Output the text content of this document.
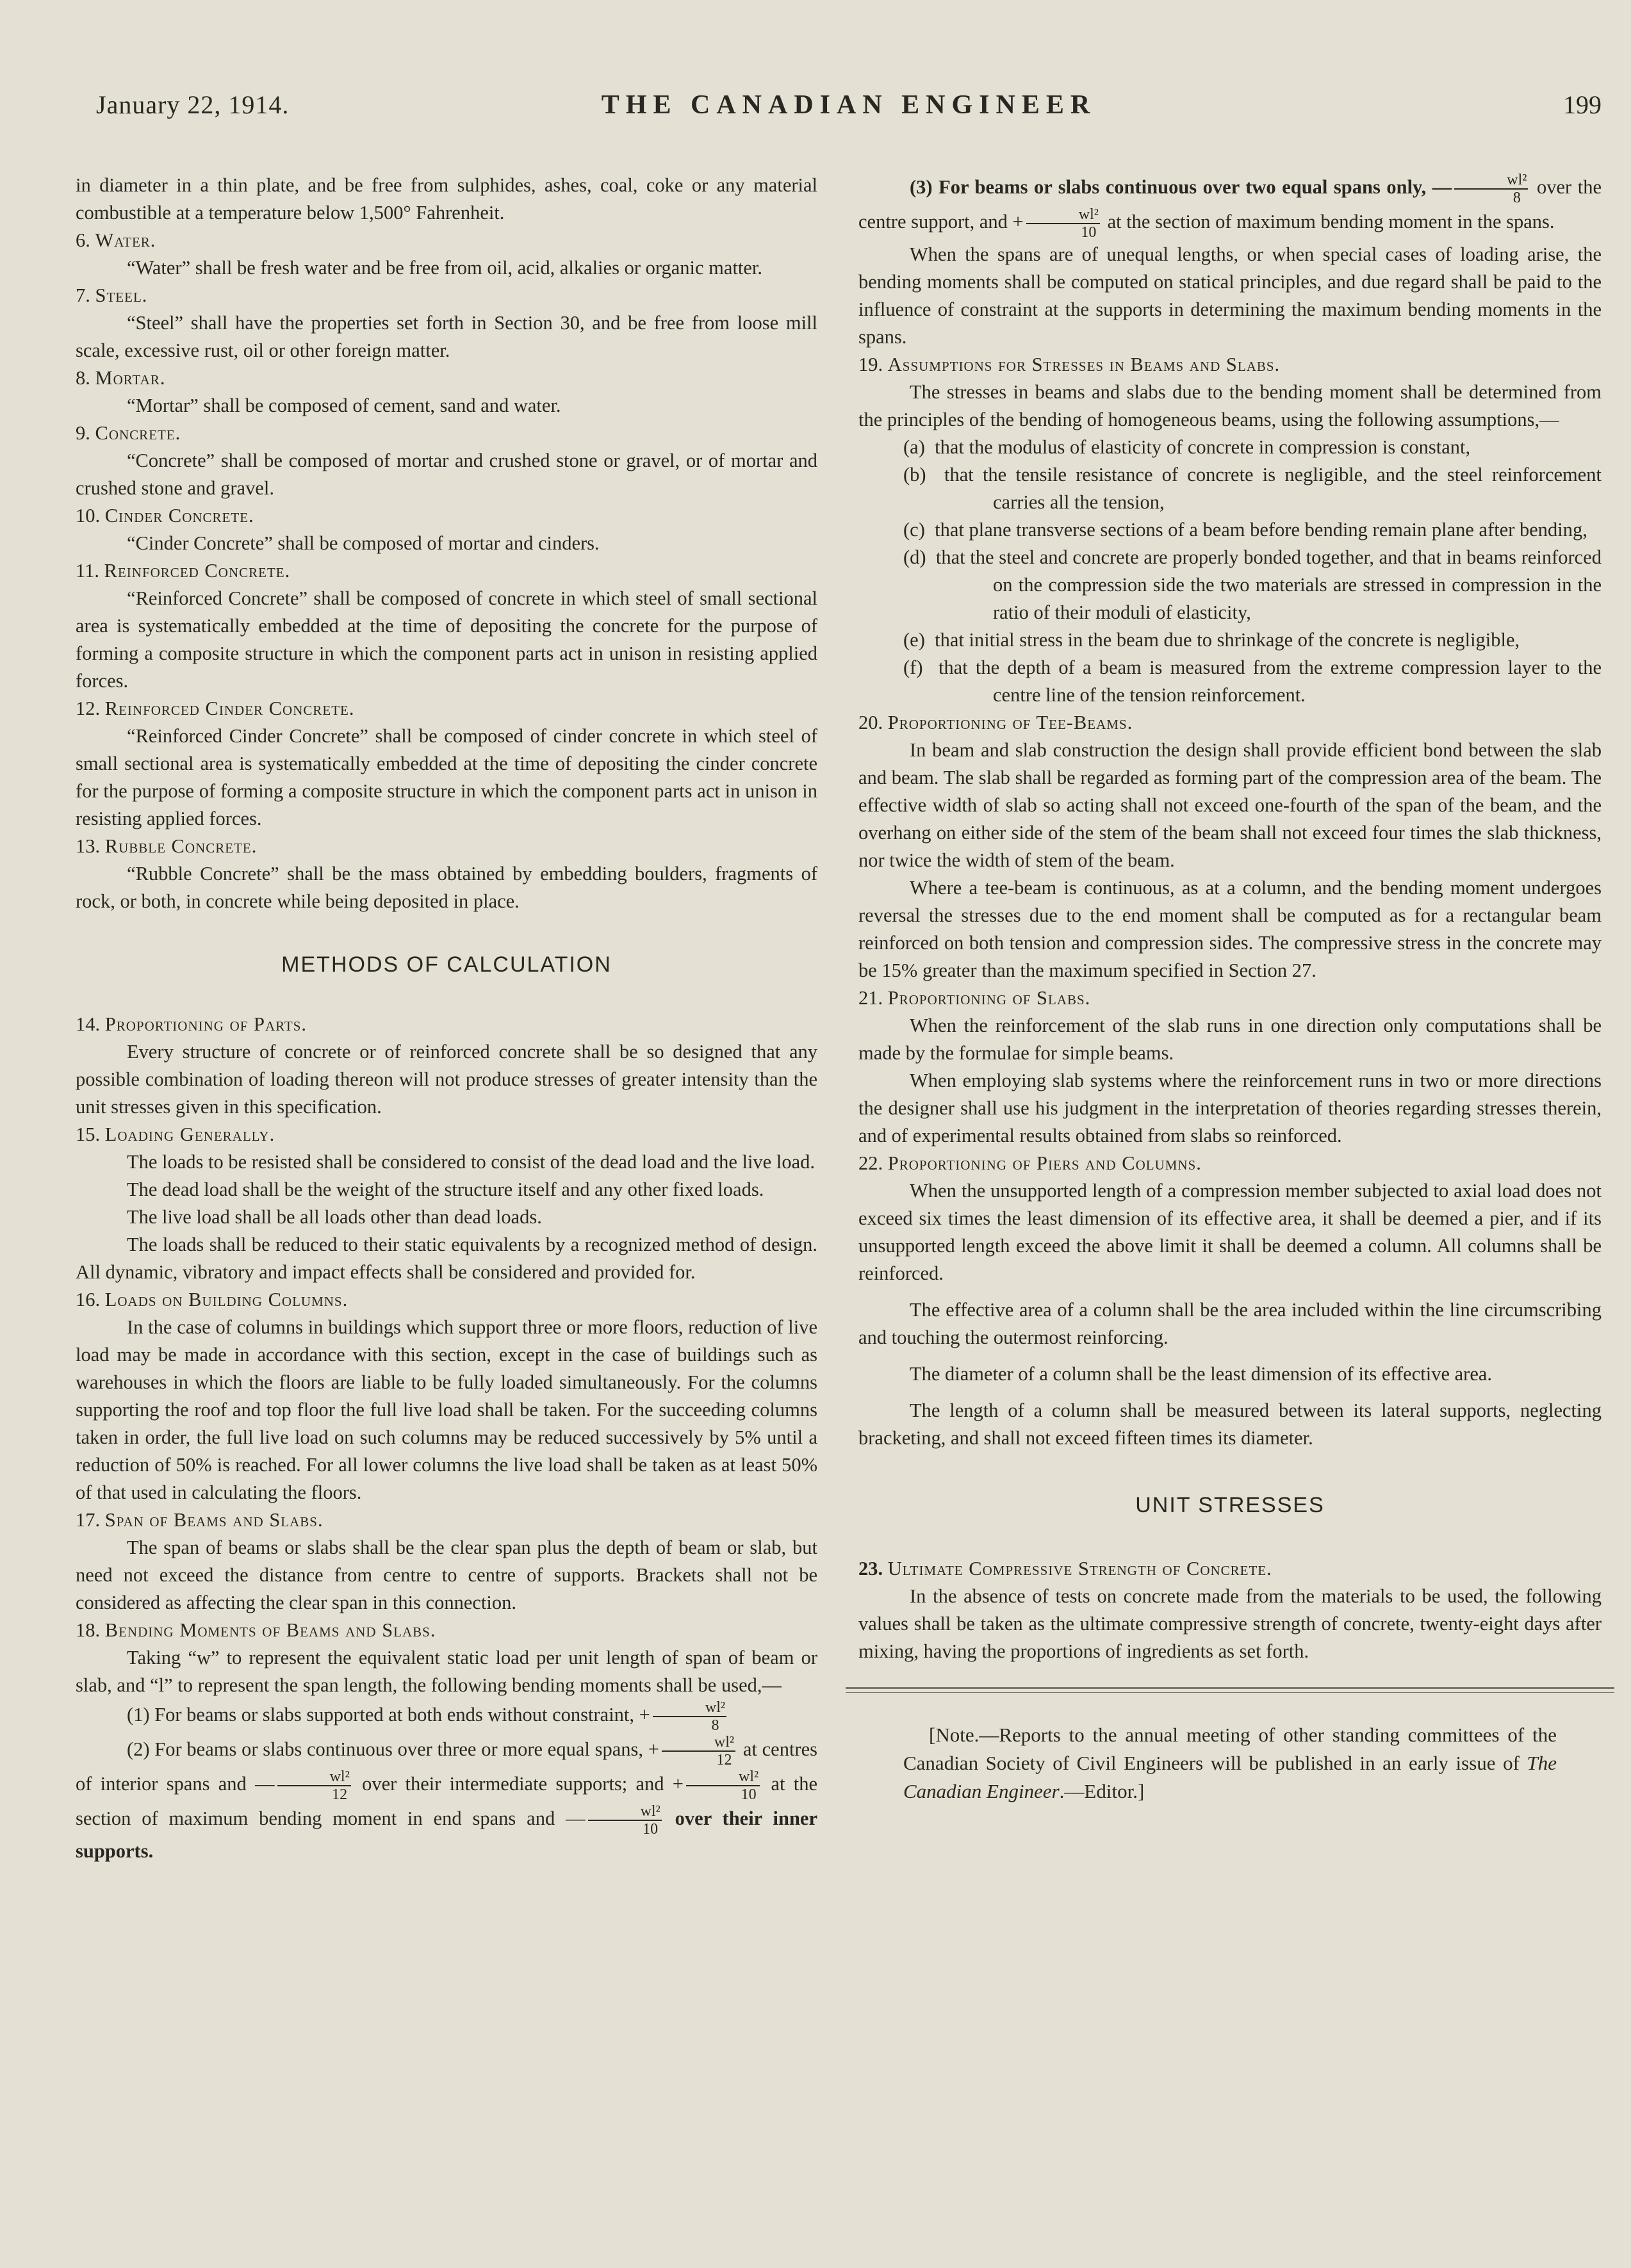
January 22, 1914.	THE CANADIAN ENGINEER	199

in diameter in a thin plate, and be free from sulphides, ashes, coal, coke or any material combustible at a temperature below 1,500° Fahrenheit.

6. Water.

“Water” shall be fresh water and be free from oil, acid, alkalies or organic matter.

7. Steel.

“Steel” shall have the properties set forth in Section 30, and be free from loose mill scale, excessive rust, oil or other foreign matter.

8. Mortar.

“Mortar” shall be composed of cement, sand and water.

9. Concrete.

“Concrete” shall be composed of mortar and crushed stone or gravel, or of mortar and crushed stone and gravel.

10. Cinder Concrete.

“Cinder Concrete” shall be composed of mortar and cinders.

11. Reinforced Concrete.

“Reinforced Concrete” shall be composed of concrete in which steel of small sectional area is systematically embedded at the time of depositing the concrete for the purpose of forming a composite structure in which the component parts act in unison in resisting applied forces.

12. Reinforced Cinder Concrete.

“Reinforced Cinder Concrete” shall be composed of cinder concrete in which steel of small sectional area is systematically embedded at the time of depositing the cinder concrete for the purpose of forming a composite structure in which the component parts act in unison in resisting applied forces.

13. Rubble Concrete.

“Rubble Concrete” shall be the mass obtained by embedding boulders, fragments of rock, or both, in concrete while being deposited in place.

METHODS OF CALCULATION

14. Proportioning of Parts.

Every structure of concrete or of reinforced concrete shall be so designed that any possible combination of loading thereon will not produce stresses of greater intensity than the unit stresses given in this specification.

15. Loading Generally.

The loads to be resisted shall be considered to consist of the dead load and the live load.

The dead load shall be the weight of the structure itself and any other fixed loads.

The live load shall be all loads other than dead loads.

The loads shall be reduced to their static equivalents by a recognized method of design. All dynamic, vibratory and impact effects shall be considered and provided for.

16. Loads on Building Columns.

In the case of columns in buildings which support three or more floors, reduction of live load may be made in accordance with this section, except in the case of buildings such as warehouses in which the floors are liable to be fully loaded simultaneously. For the columns supporting the roof and top floor the full live load shall be taken. For the succeeding columns taken in order, the full live load on such columns may be reduced successively by 5% until a reduction of 50% is reached. For all lower columns the live load shall be taken as at least 50% of that used in calculating the floors.

17. Span of Beams and Slabs.

The span of beams or slabs shall be the clear span plus the depth of beam or slab, but need not exceed the distance from centre to centre of supports. Brackets shall not be considered as affecting the clear span in this connection.

18. Bending Moments of Beams and Slabs.

Taking “w” to represent the equivalent static load per unit length of span of beam or slab, and “l” to represent the span length, the following bending moments shall be used,—

(1) For beams or slabs supported at both ends without constraint, + $\frac{\text{wl²}}{8}$

(2) For beams or slabs continuous over three or more equal spans, + $\frac{\text{wl²}}{12}$ at centres of interior spans and — $\frac{\text{wl²}}{12}$ over their intermediate supports; and + $\frac{\text{wl²}}{10}$ at the section of maximum bending moment in end spans and — $\frac{\text{wl²}}{10}$ over their inner supports.

(3) For beams or slabs continuous over two equal spans only, — $\frac{\text{wl²}}{8}$ over the centre support, and + $\frac{\text{wl²}}{10}$ at the section of maximum bending moment in the spans.

When the spans are of unequal lengths, or when special cases of loading arise, the bending moments shall be computed on statical principles, and due regard shall be paid to the influence of constraint at the supports in determining the maximum bending moments in the spans.

19. Assumptions for Stresses in Beams and Slabs.

The stresses in beams and slabs due to the bending moment shall be determined from the principles of the bending of homogeneous beams, using the following assumptions,—

(a) that the modulus of elasticity of concrete in compression is constant,

(b) that the tensile resistance of concrete is negligible, and the steel reinforcement carries all the tension,

(c) that plane transverse sections of a beam before bending remain plane after bending,

(d) that the steel and concrete are properly bonded together, and that in beams reinforced on the compression side the two materials are stressed in compression in the ratio of their moduli of elasticity,

(e) that initial stress in the beam due to shrinkage of the concrete is negligible,

(f) that the depth of a beam is measured from the extreme compression layer to the centre line of the tension reinforcement.

20. Proportioning of Tee-Beams.

In beam and slab construction the design shall provide efficient bond between the slab and beam. The slab shall be regarded as forming part of the compression area of the beam. The effective width of slab so acting shall not exceed one-fourth of the span of the beam, and the overhang on either side of the stem of the beam shall not exceed four times the slab thickness, nor twice the width of stem of the beam.

Where a tee-beam is continuous, as at a column, and the bending moment undergoes reversal the stresses due to the end moment shall be computed as for a rectangular beam reinforced on both tension and compression sides. The compressive stress in the concrete may be 15% greater than the maximum specified in Section 27.

21. Proportioning of Slabs.

When the reinforcement of the slab runs in one direction only computations shall be made by the formulae for simple beams.

When employing slab systems where the reinforcement runs in two or more directions the designer shall use his judgment in the interpretation of theories regarding stresses therein, and of experimental results obtained from slabs so reinforced.

22. Proportioning of Piers and Columns.

When the unsupported length of a compression member subjected to axial load does not exceed six times the least dimension of its effective area, it shall be deemed a pier, and if its unsupported length exceed the above limit it shall be deemed a column. All columns shall be reinforced.

The effective area of a column shall be the area included within the line circumscribing and touching the outermost reinforcing.

The diameter of a column shall be the least dimension of its effective area.

The length of a column shall be measured between its lateral supports, neglecting bracketing, and shall not exceed fifteen times its diameter.

UNIT STRESSES

23. Ultimate Compressive Strength of Concrete.

In the absence of tests on concrete made from the materials to be used, the following values shall be taken as the ultimate compressive strength of concrete, twenty-eight days after mixing, having the proportions of ingredients as set forth.

[Note.—Reports to the annual meeting of other standing committees of the Canadian Society of Civil Engineers will be published in an early issue of The Canadian Engineer.—Editor.]
